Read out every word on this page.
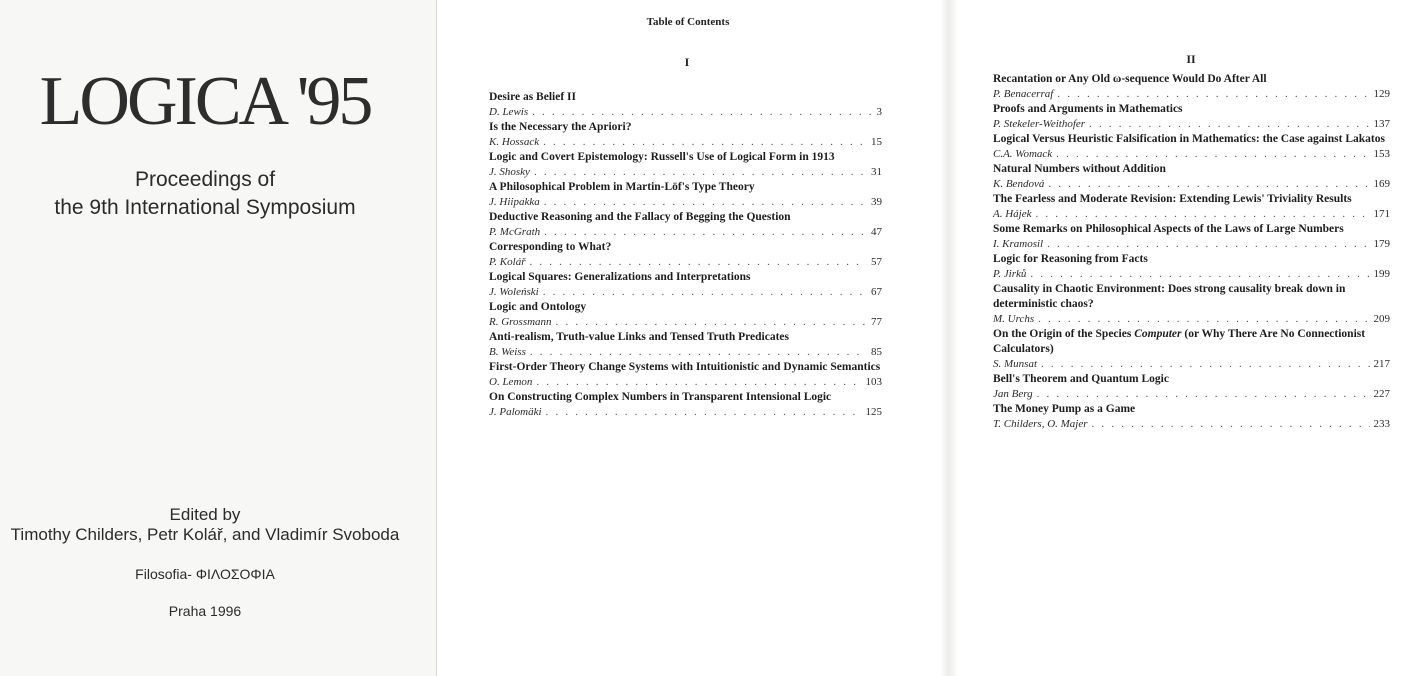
LOGICA '95
Proceedings of
the 9th International Symposium
Edited by
Timothy Childers, Petr Kolář, and Vladimír Svoboda
Filosofia- ΦΙΛΟΣΟΦΙΑ
Praha 1996
Table of Contents
I	II
Desire as Belief II
D. Lewis . . .	3
Is the Necessary the Apriori?
K. Hossack . . .	15
Logic and Covert Epistemology: Russell's Use of Logical Form in 1913
J. Shosky . . .	31
A Philosophical Problem in Martin-Löf's Type Theory
J. Hiipakka . . .	39
Deductive Reasoning and the Fallacy of Begging the Question
P. McGrath . . .	47
Corresponding to What?
P. Kolář . . .	57
Logical Squares: Generalizations and Interpretations
J. Woleński . . .	67
Logic and Ontology
R. Grossmann . . .	77
Anti-realism, Truth-value Links and Tensed Truth Predicates
B. Weiss . . .	85
First-Order Theory Change Systems with Intuitionistic and Dynamic Semantics
O. Lemon . . .	103
On Constructing Complex Numbers in Transparent Intensional Logic
J. Palomäki . . .	125
Recantation or Any Old ω-sequence Would Do After All
P. Benacerraf . . .	129
Proofs and Arguments in Mathematics
P. Stekeler-Weithofer . . .	137
Logical Versus Heuristic Falsification in Mathematics: the Case against Lakatos
C.A. Womack . . .	153
Natural Numbers without Addition
K. Bendová . . .	169
The Fearless and Moderate Revision: Extending Lewis' Triviality Results
A. Hájek . . .	171
Some Remarks on Philosophical Aspects of the Laws of Large Numbers
I. Kramosil . . .	179
Logic for Reasoning from Facts
P. Jirků . . .	199
Causality in Chaotic Environment: Does strong causality break down in deterministic chaos?
M. Urchs . . .	209
On the Origin of the Species Computer (or Why There Are No Connectionist Calculators)
S. Munsat . . .	217
Bell's Theorem and Quantum Logic
Jan Berg . . .	227
The Money Pump as a Game
T. Childers, O. Majer . . .	233
